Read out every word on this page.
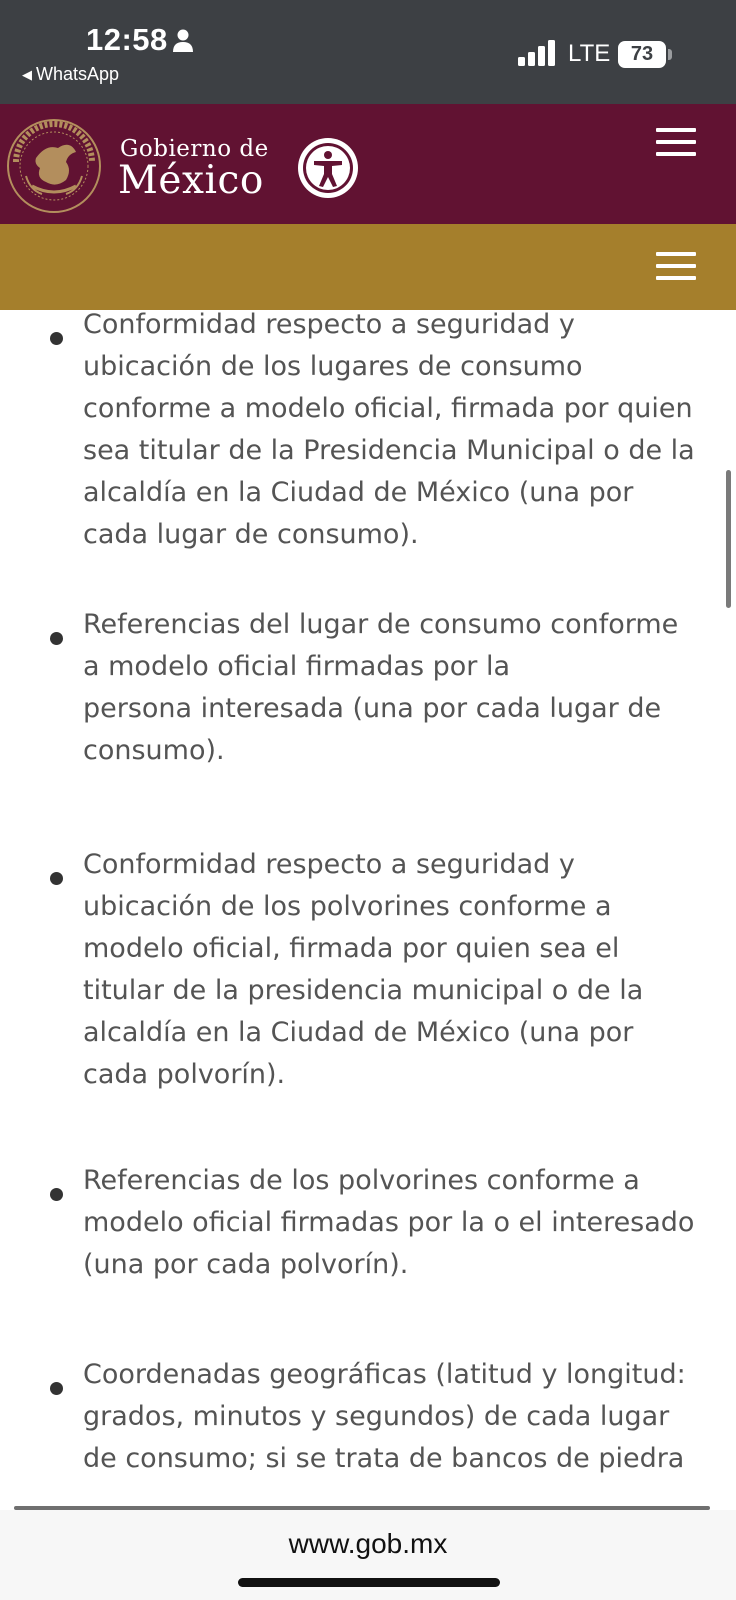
12:58
◀ WhatsApp
LTE	73
Gobierno de
México
Conformidad respecto a seguridad y
ubicación de los lugares de consumo
conforme a modelo oficial, firmada por quien
sea titular de la Presidencia Municipal o de la
alcaldía en la Ciudad de México (una por
cada lugar de consumo).
Referencias del lugar de consumo conforme
a modelo oficial firmadas por la
persona interesada (una por cada lugar de
consumo).
Conformidad respecto a seguridad y
ubicación de los polvorines conforme a
modelo oficial, firmada por quien sea el
titular de la presidencia municipal o de la
alcaldía en la Ciudad de México (una por
cada polvorín).
Referencias de los polvorines conforme a
modelo oficial firmadas por la o el interesado
(una por cada polvorín).
Coordenadas geográficas (latitud y longitud:
grados, minutos y segundos) de cada lugar
de consumo; si se trata de bancos de piedra
www.gob.mx
